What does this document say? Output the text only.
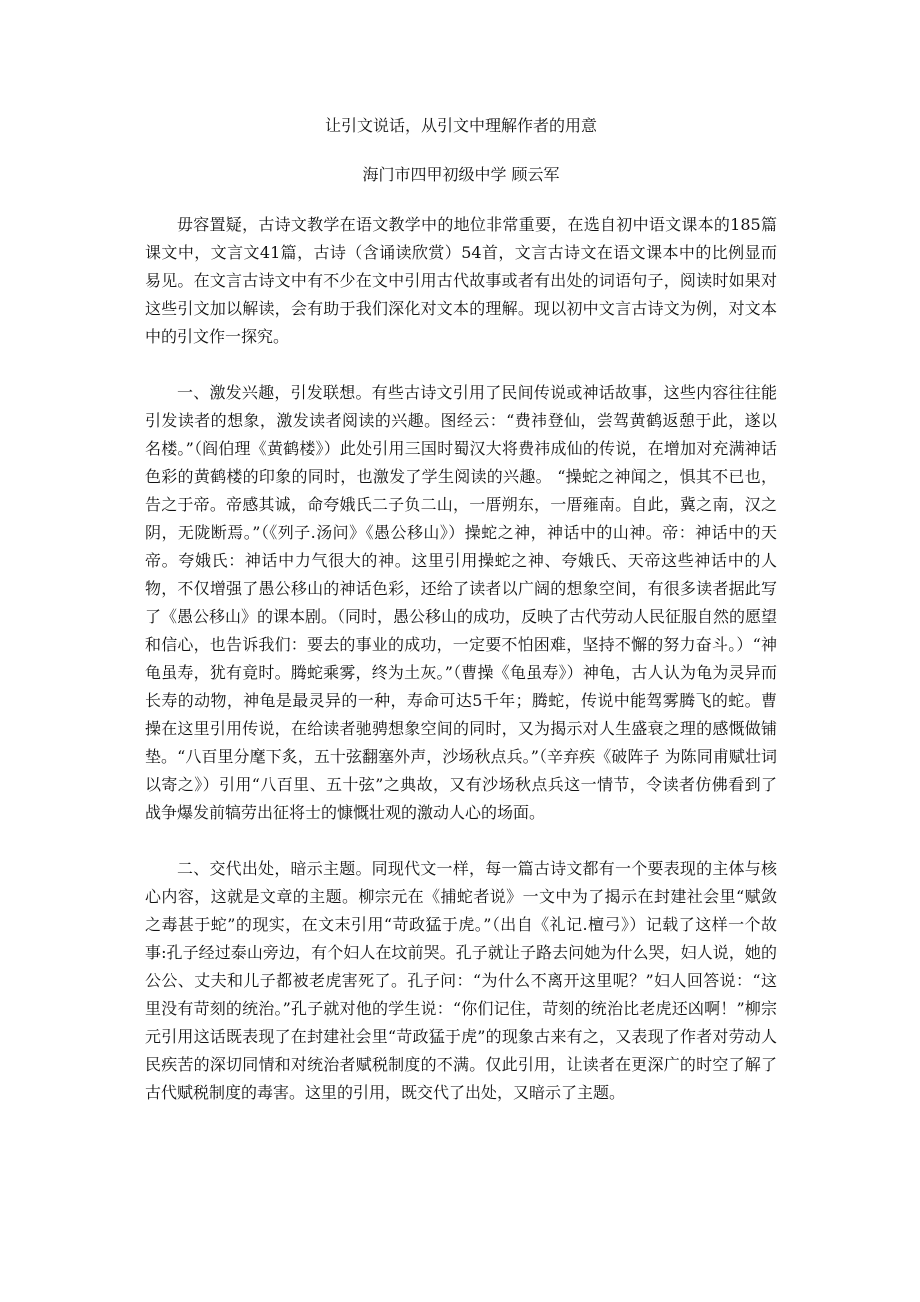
让引文说话，从引文中理解作者的用意
海门市四甲初级中学 顾云军

毋容置疑，古诗文教学在语文教学中的地位非常重要，在选自初中语文课本的185篇课文中，文言文41篇，古诗（含诵读欣赏）54首，文言古诗文在语文课本中的比例显而易见。在文言古诗文中有不少在文中引用古代故事或者有出处的词语句子，阅读时如果对这些引文加以解读，会有助于我们深化对文本的理解。现以初中文言古诗文为例，对文本中的引文作一探究。

一、激发兴趣，引发联想。有些古诗文引用了民间传说或神话故事，这些内容往往能引发读者的想象，激发读者阅读的兴趣。图经云：“费祎登仙，尝驾黄鹤返憩于此，遂以名楼。”（阎伯理《黄鹤楼》）此处引用三国时蜀汉大将费祎成仙的传说，在增加对充满神话色彩的黄鹤楼的印象的同时，也激发了学生阅读的兴趣。 “操蛇之神闻之，惧其不已也，告之于帝。帝感其诚，命夸娥氏二子负二山，一厝朔东，一厝雍南。自此，冀之南，汉之阴，无陇断焉。”（《列子.汤问》《愚公移山》）操蛇之神，神话中的山神。帝：神话中的天帝。夸娥氏：神话中力气很大的神。这里引用操蛇之神、夸娥氏、天帝这些神话中的人物，不仅增强了愚公移山的神话色彩，还给了读者以广阔的想象空间，有很多读者据此写了《愚公移山》的课本剧。（同时，愚公移山的成功，反映了古代劳动人民征服自然的愿望和信心，也告诉我们：要去的事业的成功，一定要不怕困难，坚持不懈的努力奋斗。）“神龟虽寿，犹有竟时。腾蛇乘雾，终为土灰。”（曹操《龟虽寿》）神龟，古人认为龟为灵异而长寿的动物，神龟是最灵异的一种，寿命可达5千年；腾蛇，传说中能驾雾腾飞的蛇。曹操在这里引用传说，在给读者驰骋想象空间的同时，又为揭示对人生盛衰之理的感慨做铺垫。“八百里分麾下炙，五十弦翻塞外声，沙场秋点兵。”（辛弃疾《破阵子 为陈同甫赋壮词以寄之》）引用“八百里、五十弦”之典故，又有沙场秋点兵这一情节，令读者仿佛看到了战争爆发前犒劳出征将士的慷慨壮观的激动人心的场面。

二、交代出处，暗示主题。同现代文一样，每一篇古诗文都有一个要表现的主体与核心内容，这就是文章的主题。柳宗元在《捕蛇者说》一文中为了揭示在封建社会里“赋敛之毒甚于蛇”的现实，在文末引用“苛政猛于虎。”（出自《礼记.檀弓》）记载了这样一个故事:孔子经过泰山旁边，有个妇人在坟前哭。孔子就让子路去问她为什么哭，妇人说，她的公公、丈夫和儿子都被老虎害死了。孔子问：“为什么不离开这里呢？”妇人回答说：“这里没有苛刻的统治。”孔子就对他的学生说：“你们记住，苛刻的统治比老虎还凶啊！”柳宗元引用这话既表现了在封建社会里“苛政猛于虎”的现象古来有之，又表现了作者对劳动人民疾苦的深切同情和对统治者赋税制度的不满。仅此引用，让读者在更深广的时空了解了古代赋税制度的毒害。这里的引用，既交代了出处，又暗示了主题。
